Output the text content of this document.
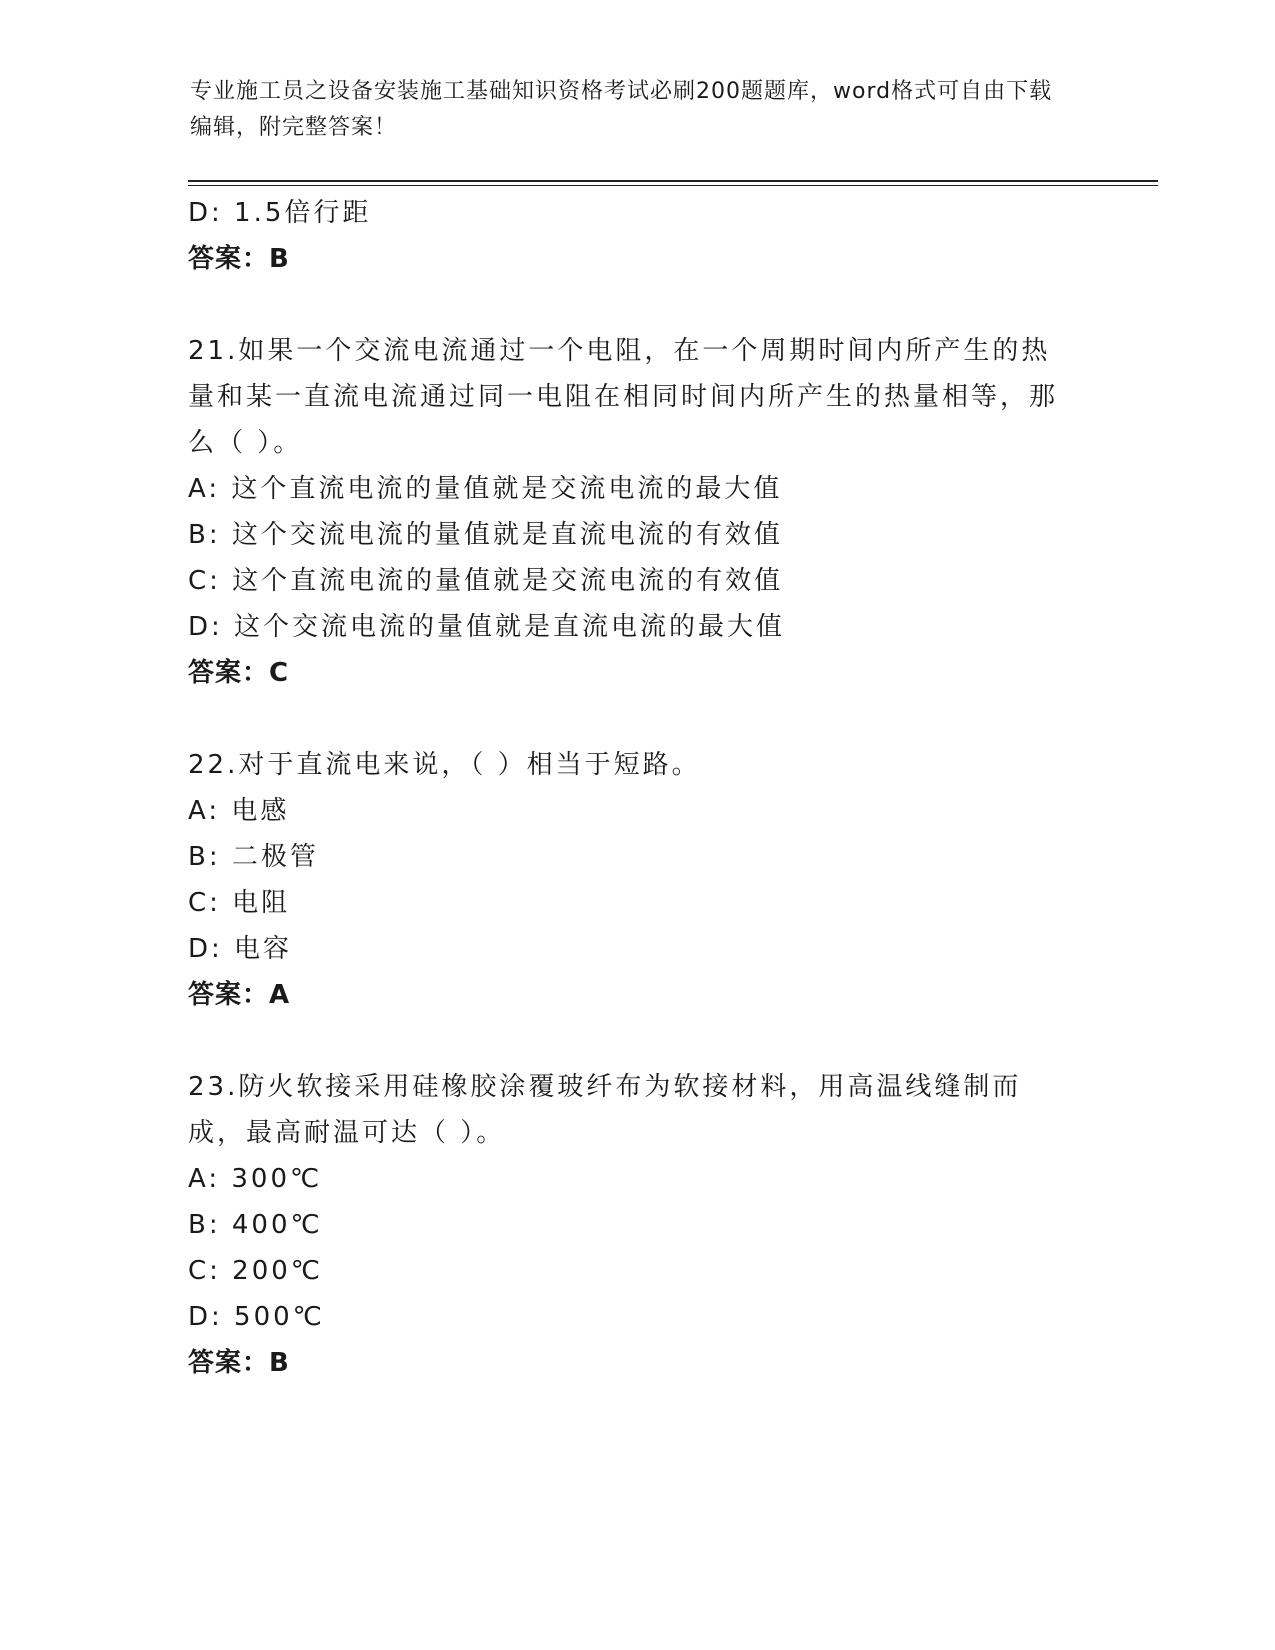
专业施工员之设备安装施工基础知识资格考试必刷200题题库，word格式可自由下载编辑，附完整答案！
D: 1.5倍行距
答案：B
21.如果一个交流电流通过一个电阻，在一个周期时间内所产生的热量和某一直流电流通过同一电阻在相同时间内所产生的热量相等，那么（ ）。
A: 这个直流电流的量值就是交流电流的最大值
B: 这个交流电流的量值就是直流电流的有效值
C: 这个直流电流的量值就是交流电流的有效值
D: 这个交流电流的量值就是直流电流的最大值
答案：C
22.对于直流电来说，（ ）相当于短路。
A: 电感
B: 二极管
C: 电阻
D: 电容
答案：A
23.防火软接采用硅橡胶涂覆玻纤布为软接材料，用高温线缝制而成，最高耐温可达（ ）。
A: 300℃
B: 400℃
C: 200℃
D: 500℃
答案：B
